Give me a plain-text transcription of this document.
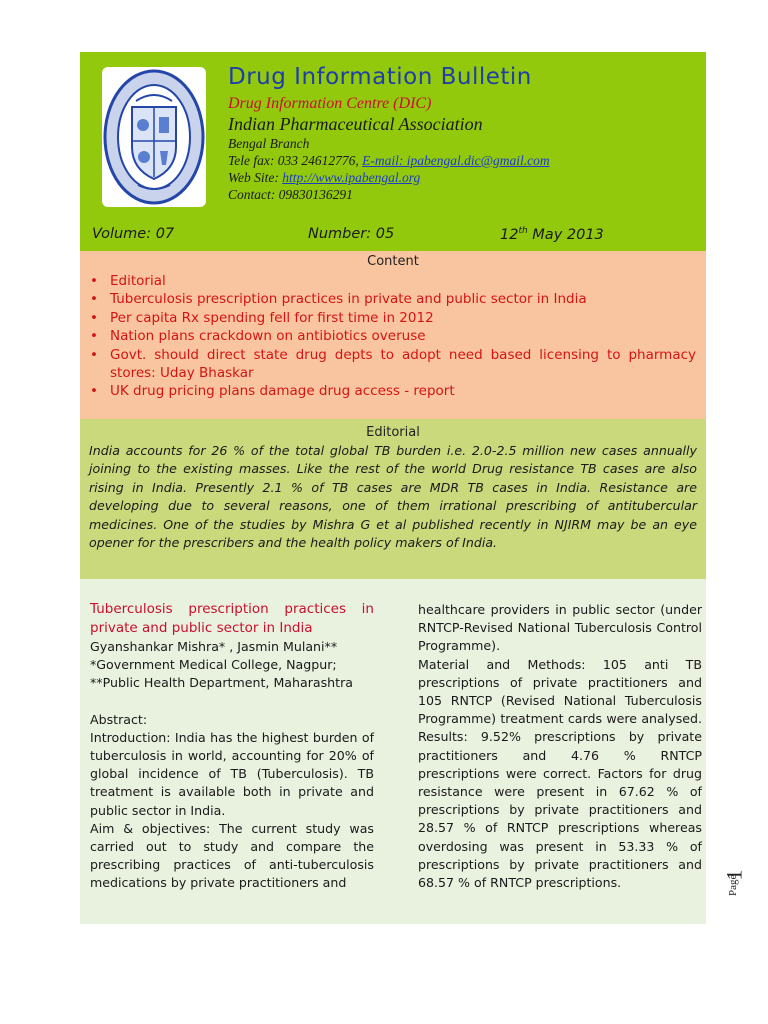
Drug Information Bulletin
Drug Information Centre (DIC)
Indian Pharmaceutical Association
Bengal Branch
Tele fax: 033 24612776, E-mail: ipabengal.dic@gmail.com
Web Site: http://www.ipabengal.org
Contact: 09830136291
Volume: 07	Number: 05	12th May 2013
Content
• Editorial
• Tuberculosis prescription practices in private and public sector in India
• Per capita Rx spending fell for first time in 2012
• Nation plans crackdown on antibiotics overuse
• Govt. should direct state drug depts to adopt need based licensing to pharmacy stores: Uday Bhaskar
• UK drug pricing plans damage drug access - report
Editorial

India accounts for 26 % of the total global TB burden i.e. 2.0-2.5 million new cases annually joining to the existing masses. Like the rest of the world Drug resistance TB cases are also rising in India. Presently 2.1 % of TB cases are MDR TB cases in India. Resistance are developing due to several reasons, one of them irrational prescribing of antitubercular medicines. One of the studies by Mishra G et al published recently in NJIRM may be an eye opener for the prescribers and the health policy makers of India.

Tuberculosis prescription practices in private and public sector in India

Gyanshankar Mishra* , Jasmin Mulani**

*Government Medical College, Nagpur;

**Public Health Department, Maharashtra

Abstract:

Introduction: India has the highest burden of tuberculosis in world, accounting for 20% of global incidence of TB (Tuberculosis). TB treatment is available both in private and public sector in India.

Aim & objectives: The current study was carried out to study and compare the prescribing practices of anti-tuberculosis medications by private practitioners and

healthcare providers in public sector (under RNTCP-Revised National Tuberculosis Control Programme).

Material and Methods: 105 anti TB prescriptions of private practitioners and 105 RNTCP (Revised National Tuberculosis Programme) treatment cards were analysed. Results: 9.52% prescriptions by private practitioners and 4.76 % RNTCP prescriptions were correct. Factors for drug resistance were present in 67.62 % of prescriptions by private practitioners and 28.57 % of RNTCP prescriptions whereas overdosing was present in 53.33 % of prescriptions by private practitioners and 68.57 % of RNTCP prescriptions.	Page
1
